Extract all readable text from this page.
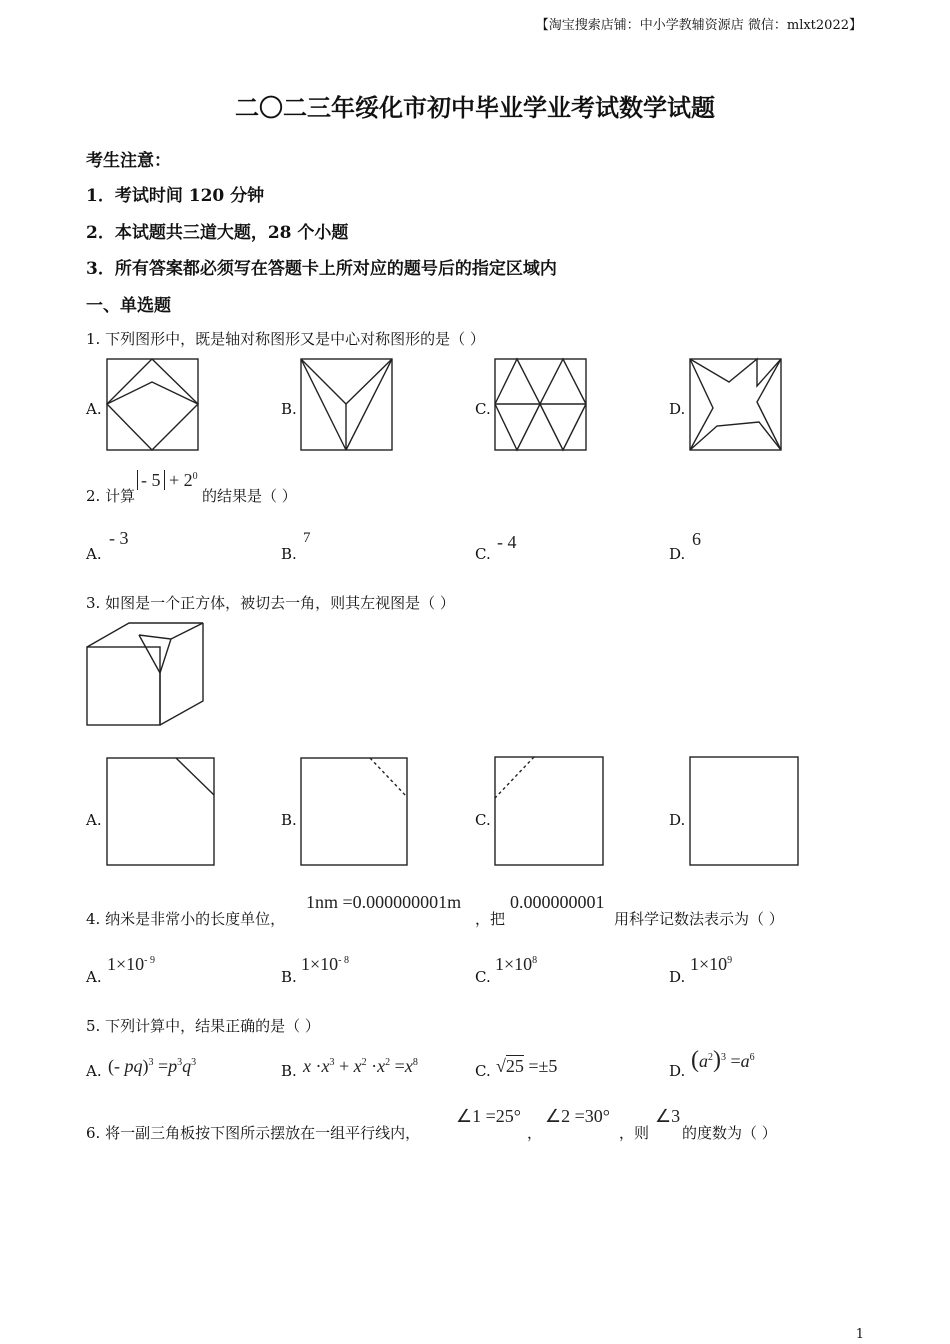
【淘宝搜索店铺：中小学教辅资源店 微信：mlxt2022】
二〇二三年绥化市初中毕业学业考试数学试题
考生注意：
1．考试时间 120 分钟
2．本试题共三道大题，28 个小题
3．所有答案都必须写在答题卡上所对应的题号后的指定区域内
一、单选题
1. 下列图形中，既是轴对称图形又是中心对称图形的是（ ）
A.	B.	C.	D.
2. 计算
- $5 + 2^0$
的结果是（ ）
A.
- 3
B.
7
C.
- 4
D.
6
3. 如图是一个正方体，被切去一角，则其左视图是（ ）
A.	B.	C.	D.
4. 纳米是非常小的长度单位，
1nm =0.000000001m
，把
0.000000001
用科学记数法表示为（ ）
A.
$1\times 10^{- 9}$
B.
$1\times 10^{- 8}$
C.
$1\times 10^8$
D.
$1\times 10^9$
5. 下列计算中，结果正确的是（ ）
A. (- $pq)^3 =p^3q^3$	B. $x \cdot x^3 + x^2 \cdot x^2 =x^8$	C. √25 =±5	D. $(a^2)^3 =a^6$
6. 将一副三角板按下图所示摆放在一组平行线内，
∠1 =25°
，
∠2 =30°
，则
∠3
的度数为（ ）
1
